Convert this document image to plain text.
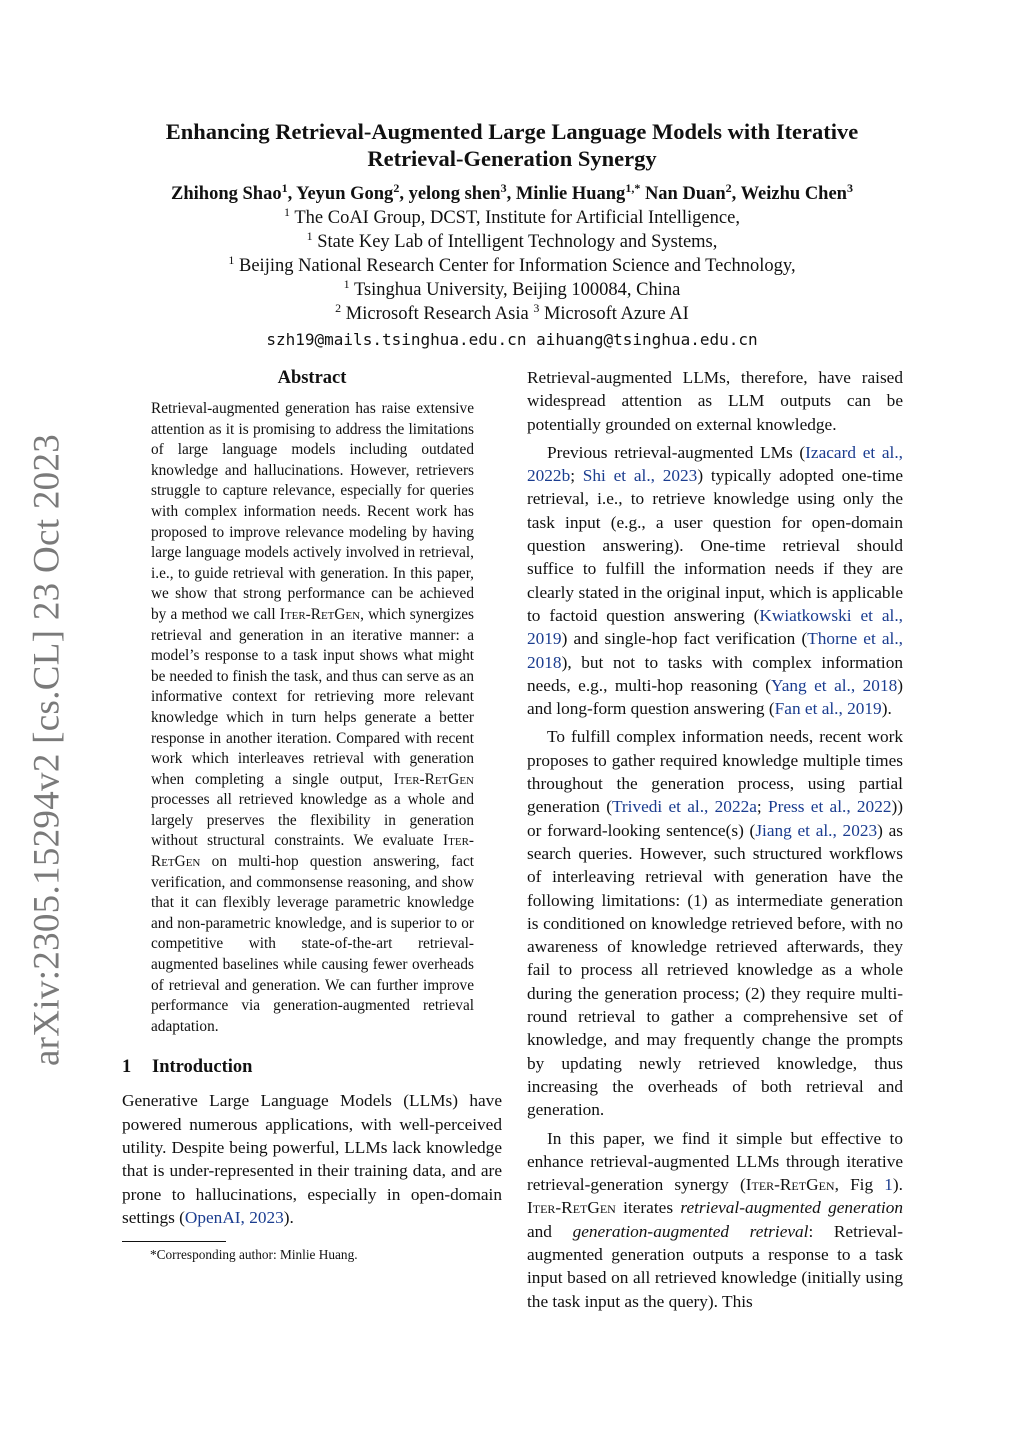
arXiv:2305.15294v2 [cs.CL] 23 Oct 2023
Enhancing Retrieval-Augmented Large Language Models with Iterative
Retrieval-Generation Synergy
Zhihong Shao$^1$, Yeyun Gong$^2$, yelong shen$^3$, Minlie Huang$^{1,*}$ Nan Duan$^2$, Weizhu Chen$^3$
$^1$ The CoAI Group, DCST, Institute for Artificial Intelligence,
$^1$ State Key Lab of Intelligent Technology and Systems,
$^1$ Beijing National Research Center for Information Science and Technology,
$^1$ Tsinghua University, Beijing 100084, China
$^2$ Microsoft Research Asia $^3$ Microsoft Azure AI
szh19@mails.tsinghua.edu.cn aihuang@tsinghua.edu.cn
Abstract

Retrieval-augmented generation has raise extensive attention as it is promising to address the limitations of large language models including outdated knowledge and hallucinations. However, retrievers struggle to capture relevance, especially for queries with complex information needs. Recent work has proposed to improve relevance modeling by having large language models actively involved in retrieval, i.e., to guide retrieval with generation. In this paper, we show that strong performance can be achieved by a method we call Iter-RetGen, which synergizes retrieval and generation in an iterative manner: a model’s response to a task input shows what might be needed to finish the task, and thus can serve as an informative context for retrieving more relevant knowledge which in turn helps generate a better response in another iteration. Compared with recent work which interleaves retrieval with generation when completing a single output, Iter-RetGen processes all retrieved knowledge as a whole and largely preserves the flexibility in generation without structural constraints. We evaluate Iter-RetGen on multi-hop question answering, fact verification, and commonsense reasoning, and show that it can flexibly leverage parametric knowledge and non-parametric knowledge, and is superior to or competitive with state-of-the-art retrieval-augmented baselines while causing fewer overheads of retrieval and generation. We can further improve performance via generation-augmented retrieval adaptation.

1 Introduction

Generative Large Language Models (LLMs) have powered numerous applications, with well-perceived utility. Despite being powerful, LLMs lack knowledge that is under-represented in their training data, and are prone to hallucinations, especially in open-domain settings (OpenAI, 2023).

*Corresponding author: Minlie Huang.

Retrieval-augmented LLMs, therefore, have raised widespread attention as LLM outputs can be potentially grounded on external knowledge.

Previous retrieval-augmented LMs (Izacard et al., 2022b; Shi et al., 2023) typically adopted one-time retrieval, i.e., to retrieve knowledge using only the task input (e.g., a user question for open-domain question answering). One-time retrieval should suffice to fulfill the information needs if they are clearly stated in the original input, which is applicable to factoid question answering (Kwiatkowski et al., 2019) and single-hop fact verification (Thorne et al., 2018), but not to tasks with complex information needs, e.g., multi-hop reasoning (Yang et al., 2018) and long-form question answering (Fan et al., 2019).

To fulfill complex information needs, recent work proposes to gather required knowledge multiple times throughout the generation process, using partial generation (Trivedi et al., 2022a; Press et al., 2022)) or forward-looking sentence(s) (Jiang et al., 2023) as search queries. However, such structured workflows of interleaving retrieval with generation have the following limitations: (1) as intermediate generation is conditioned on knowledge retrieved before, with no awareness of knowledge retrieved afterwards, they fail to process all retrieved knowledge as a whole during the generation process; (2) they require multi-round retrieval to gather a comprehensive set of knowledge, and may frequently change the prompts by updating newly retrieved knowledge, thus increasing the overheads of both retrieval and generation.

In this paper, we find it simple but effective to enhance retrieval-augmented LLMs through iterative retrieval-generation synergy (Iter-RetGen, Fig 1). Iter-RetGen iterates retrieval-augmented generation and generation-augmented retrieval: Retrieval-augmented generation outputs a response to a task input based on all retrieved knowledge (initially using the task input as the query). This
